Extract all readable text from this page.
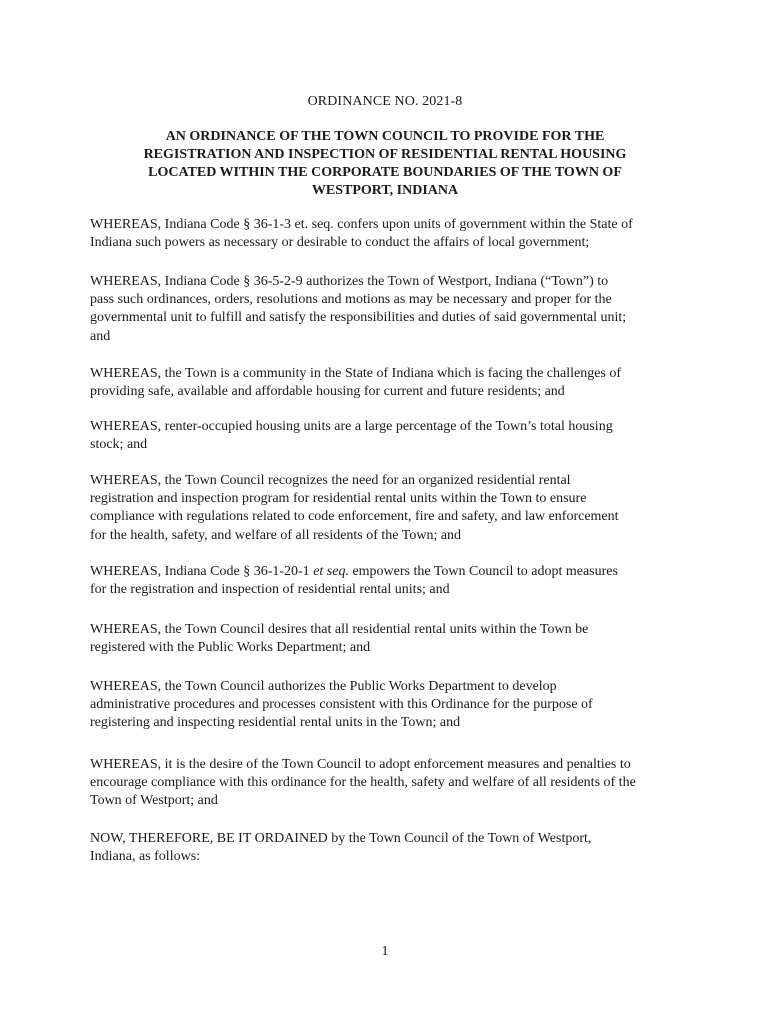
ORDINANCE NO. 2021-8
AN ORDINANCE OF THE TOWN COUNCIL TO PROVIDE FOR THE
REGISTRATION AND INSPECTION OF RESIDENTIAL RENTAL HOUSING
LOCATED WITHIN THE CORPORATE BOUNDARIES OF THE TOWN OF
WESTPORT, INDIANA
WHEREAS, Indiana Code § 36-1-3 et. seq. confers upon units of government within the State of
Indiana such powers as necessary or desirable to conduct the affairs of local government;
WHEREAS, Indiana Code § 36-5-2-9 authorizes the Town of Westport, Indiana (“Town”) to
pass such ordinances, orders, resolutions and motions as may be necessary and proper for the
governmental unit to fulfill and satisfy the responsibilities and duties of said governmental unit;
and
WHEREAS, the Town is a community in the State of Indiana which is facing the challenges of
providing safe, available and affordable housing for current and future residents; and
WHEREAS, renter-occupied housing units are a large percentage of the Town’s total housing
stock; and
WHEREAS, the Town Council recognizes the need for an organized residential rental
registration and inspection program for residential rental units within the Town to ensure
compliance with regulations related to code enforcement, fire and safety, and law enforcement
for the health, safety, and welfare of all residents of the Town; and
WHEREAS, Indiana Code § 36-1-20-1 et seq. empowers the Town Council to adopt measures
for the registration and inspection of residential rental units; and
WHEREAS, the Town Council desires that all residential rental units within the Town be
registered with the Public Works Department; and
WHEREAS, the Town Council authorizes the Public Works Department to develop
administrative procedures and processes consistent with this Ordinance for the purpose of
registering and inspecting residential rental units in the Town; and
WHEREAS, it is the desire of the Town Council to adopt enforcement measures and penalties to
encourage compliance with this ordinance for the health, safety and welfare of all residents of the
Town of Westport; and
NOW, THEREFORE, BE IT ORDAINED by the Town Council of the Town of Westport,
Indiana, as follows:
1
